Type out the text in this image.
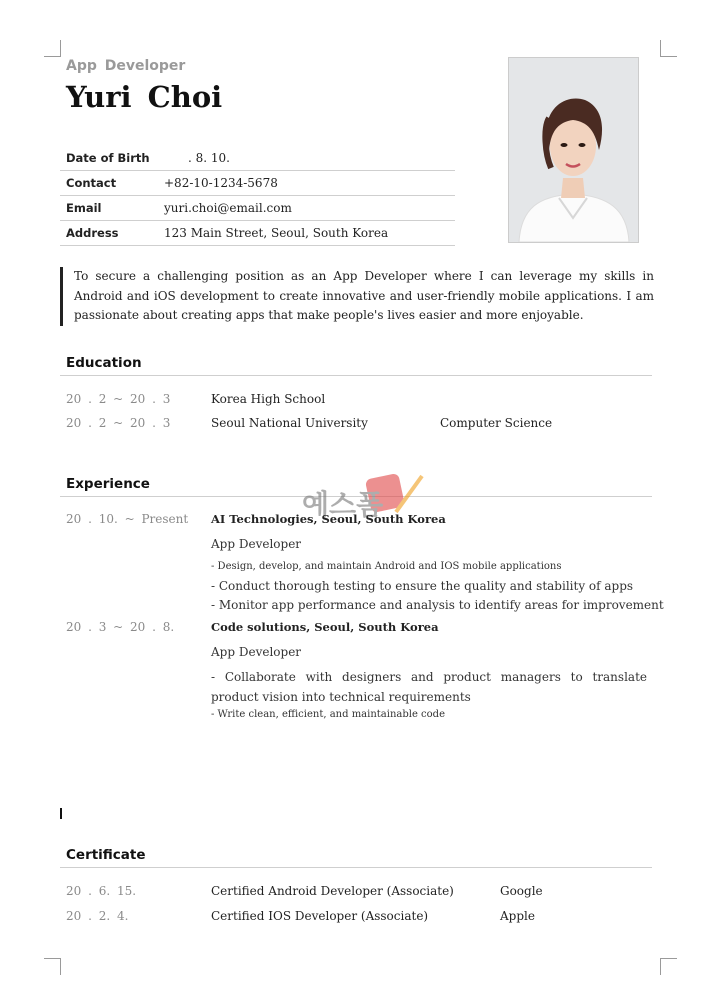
App Developer
Yuri Choi
Date of Birth	. 8. 10.
Contact	+82-10-1234-5678
Email	yuri.choi@email.com
Address	123 Main Street, Seoul, South Korea
To secure a challenging position as an App Developer where I can leverage my skills in Android and iOS development to create innovative and user-friendly mobile applications. I am passionate about creating apps that make people's lives easier and more enjoyable.
Education
20 . 2 ~ 20 . 3	Korea High School
20 . 2 ~ 20 . 3	Seoul National University	Computer Science
Experience
예스폼
20 . 10. ~ Present AI Technologies, Seoul, South Korea
App Developer
- Design, develop, and maintain Android and IOS mobile applications
- Conduct thorough testing to ensure the quality and stability of apps
- Monitor app performance and analysis to identify areas for improvement
20 . 3 ~ 20 . 8.	Code solutions, Seoul, South Korea
App Developer
- Collaborate with designers and product managers to translate product vision into technical requirements
- Write clean, efficient, and maintainable code
Certificate
20 . 6. 15.	Certified Android Developer (Associate)	Google
20 . 2. 4.	Certified IOS Developer (Associate)	Apple
